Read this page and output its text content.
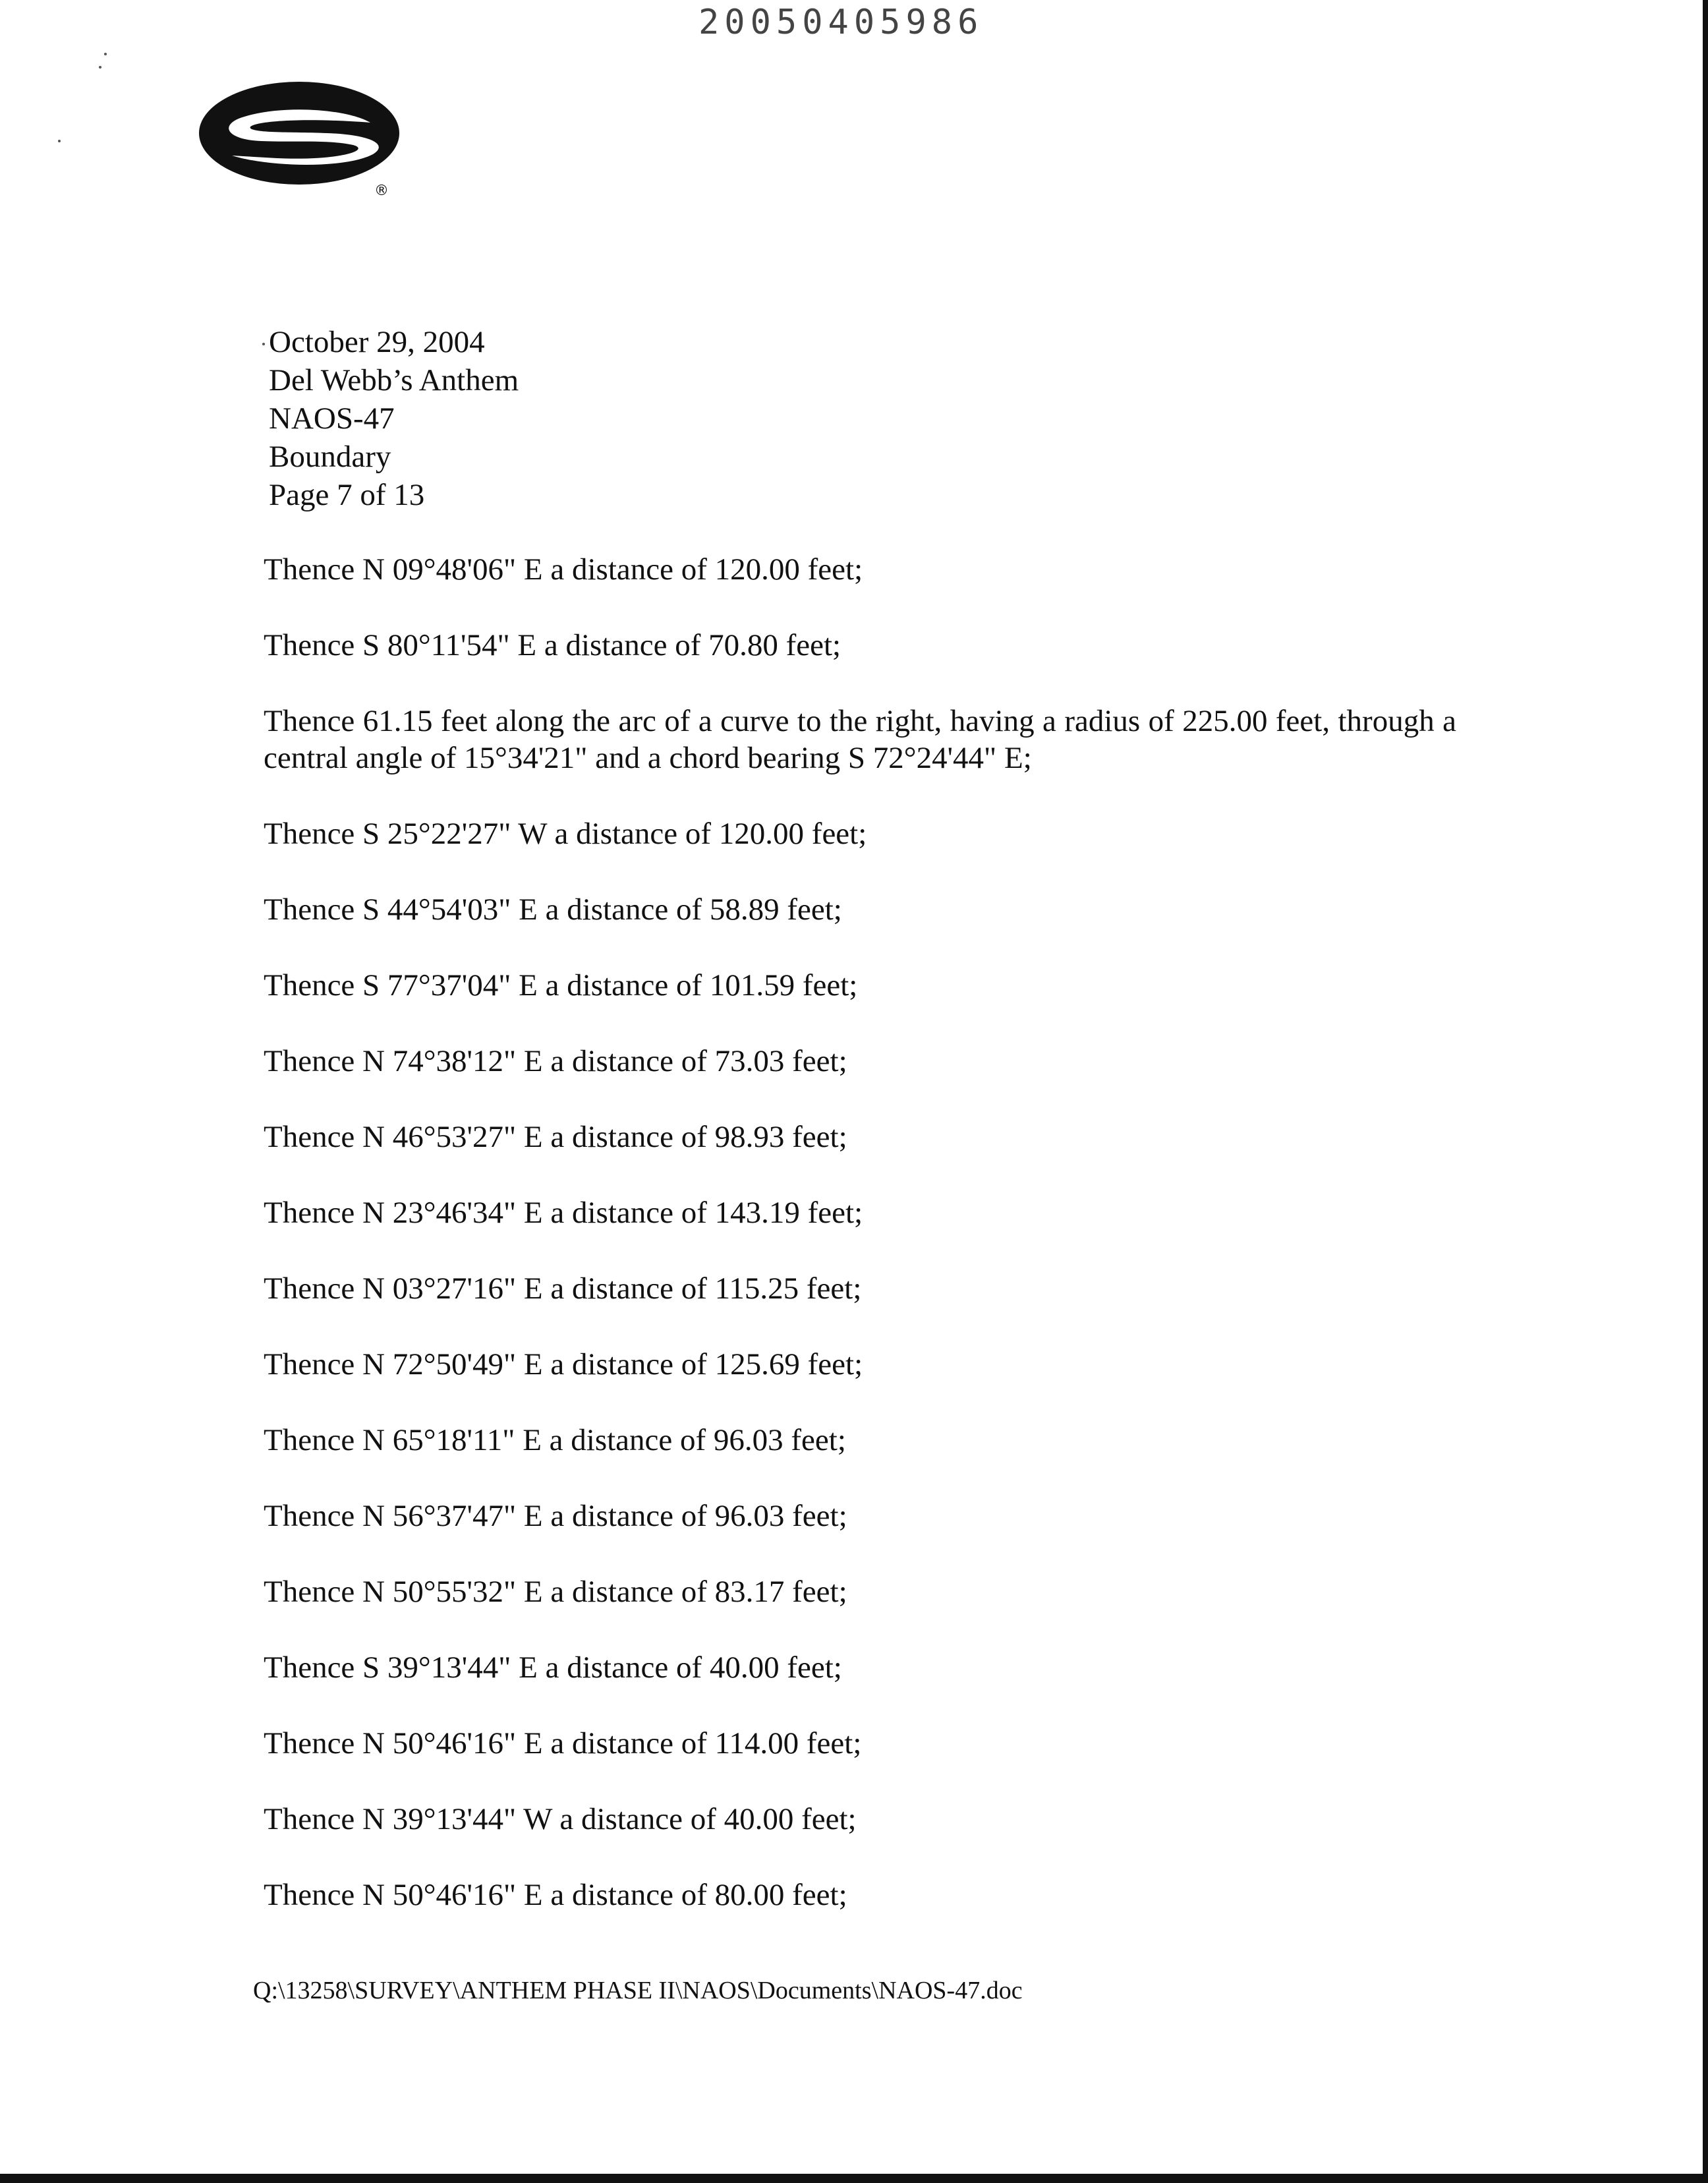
20050405986
®
October 29, 2004
Del Webb’s Anthem
NAOS-47
Boundary
Page 7 of 13

Thence N 09°48'06" E a distance of 120.00 feet;

Thence S 80°11'54" E a distance of 70.80 feet;

Thence 61.15 feet along the arc of a curve to the right, having a radius of 225.00 feet, through a central angle of 15°34'21" and a chord bearing S 72°24'44" E;

Thence S 25°22'27" W a distance of 120.00 feet;

Thence S 44°54'03" E a distance of 58.89 feet;

Thence S 77°37'04" E a distance of 101.59 feet;

Thence N 74°38'12" E a distance of 73.03 feet;

Thence N 46°53'27" E a distance of 98.93 feet;

Thence N 23°46'34" E a distance of 143.19 feet;

Thence N 03°27'16" E a distance of 115.25 feet;

Thence N 72°50'49" E a distance of 125.69 feet;

Thence N 65°18'11" E a distance of 96.03 feet;

Thence N 56°37'47" E a distance of 96.03 feet;

Thence N 50°55'32" E a distance of 83.17 feet;

Thence S 39°13'44" E a distance of 40.00 feet;

Thence N 50°46'16" E a distance of 114.00 feet;

Thence N 39°13'44" W a distance of 40.00 feet;

Thence N 50°46'16" E a distance of 80.00 feet;

Q:\13258\SURVEY\ANTHEM PHASE II\NAOS\Documents\NAOS-47.doc
